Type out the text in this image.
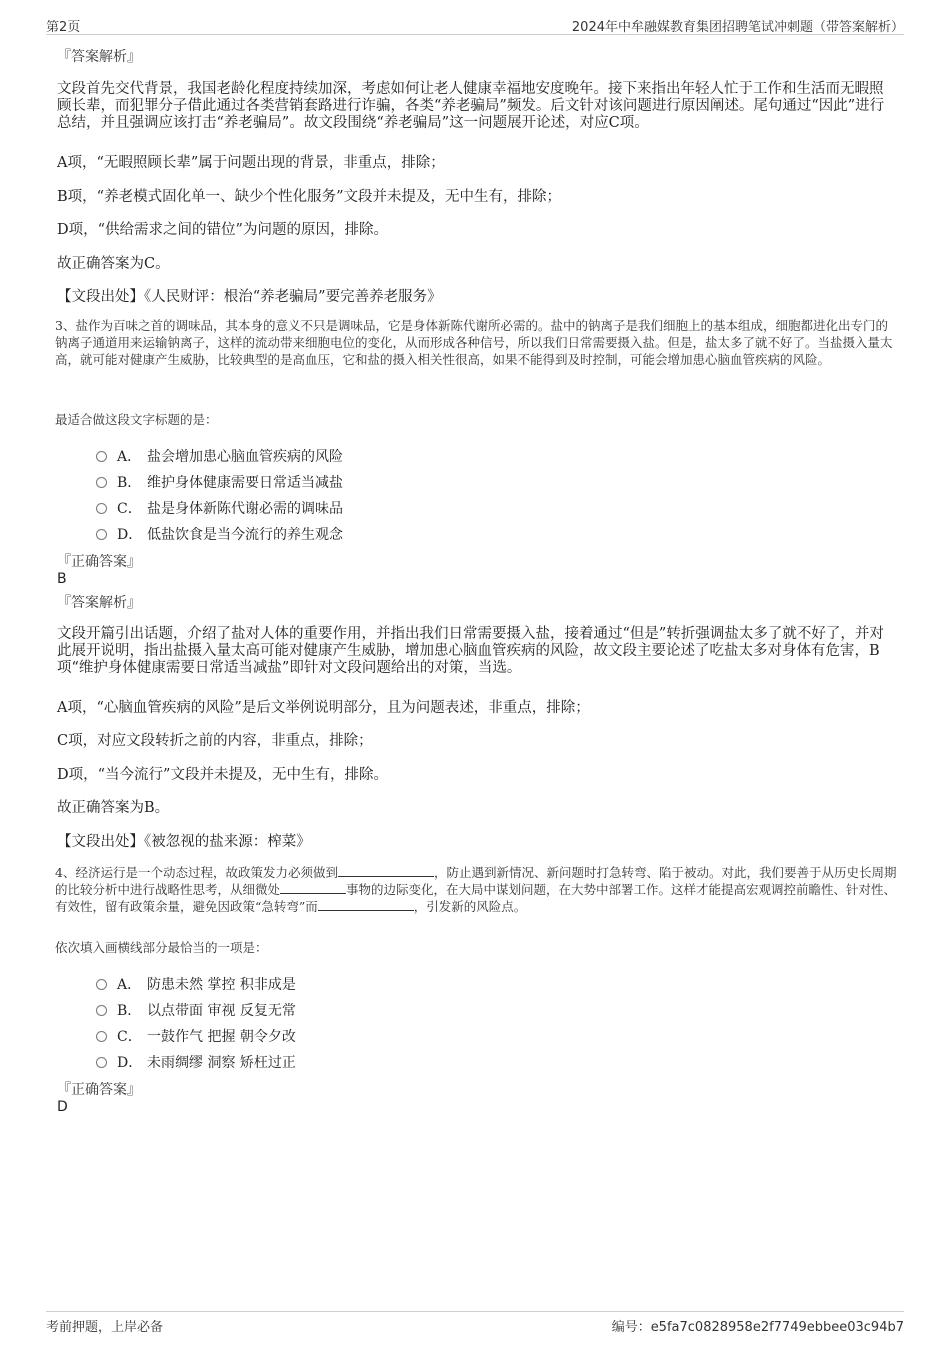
第2页	2024年中牟融媒教育集团招聘笔试冲刺题（带答案解析）
『答案解析』
文段首先交代背景，我国老龄化程度持续加深，考虑如何让老人健康幸福地安度晚年。接下来指出年轻人忙于工作和生活而无暇照顾长辈，而犯罪分子借此通过各类营销套路进行诈骗，各类“养老骗局”频发。后文针对该问题进行原因阐述。尾句通过“因此”进行总结，并且强调应该打击“养老骗局”。故文段围绕“养老骗局”这一问题展开论述，对应C项。
A项，“无暇照顾长辈”属于问题出现的背景，非重点，排除；
B项，“养老模式固化单一、缺少个性化服务”文段并未提及，无中生有，排除；
D项，“供给需求之间的错位”为问题的原因，排除。
故正确答案为C。
【文段出处】《人民财评：根治“养老骗局”要完善养老服务》
3、盐作为百味之首的调味品，其本身的意义不只是调味品，它是身体新陈代谢所必需的。盐中的钠离子是我们细胞上的基本组成，细胞都进化出专门的钠离子通道用来运输钠离子，这样的流动带来细胞电位的变化，从而形成各种信号，所以我们日常需要摄入盐。但是，盐太多了就不好了。当盐摄入量太高，就可能对健康产生威胁，比较典型的是高血压，它和盐的摄入相关性很高，如果不能得到及时控制，可能会增加患心脑血管疾病的风险。
最适合做这段文字标题的是：
A． 盐会增加患心脑血管疾病的风险
B． 维护身体健康需要日常适当减盐
C． 盐是身体新陈代谢必需的调味品
D． 低盐饮食是当今流行的养生观念
『正确答案』
B
『答案解析』
文段开篇引出话题，介绍了盐对人体的重要作用，并指出我们日常需要摄入盐，接着通过“但是”转折强调盐太多了就不好了，并对此展开说明，指出盐摄入量太高可能对健康产生威胁，增加患心脑血管疾病的风险，故文段主要论述了吃盐太多对身体有危害，B项“维护身体健康需要日常适当减盐”即针对文段问题给出的对策，当选。
A项，“心脑血管疾病的风险”是后文举例说明部分，且为问题表述，非重点，排除；
C项，对应文段转折之前的内容，非重点，排除；
D项，“当今流行”文段并未提及，无中生有，排除。
故正确答案为B。
【文段出处】《被忽视的盐来源：榨菜》
4、经济运行是一个动态过程，故政策发力必须做到	，防止遇到新情况、新问题时打急转弯、陷于被动。对此，我们要善于从历史长周期的比较分析中进行战略性思考，从细微处	事物的边际变化，在大局中谋划问题，在大势中部署工作。这样才能提高宏观调控前瞻性、针对性、有效性，留有政策余量，避免因政策“急转弯”而	，引发新的风险点。
依次填入画横线部分最恰当的一项是：
A． 防患未然 掌控 积非成是
B． 以点带面 审视 反复无常
C． 一鼓作气 把握 朝令夕改
D． 未雨绸缪 洞察 矫枉过正
『正确答案』
D
考前押题，上岸必备	编号：e5fa7c0828958e2f7749ebbee03c94b7
